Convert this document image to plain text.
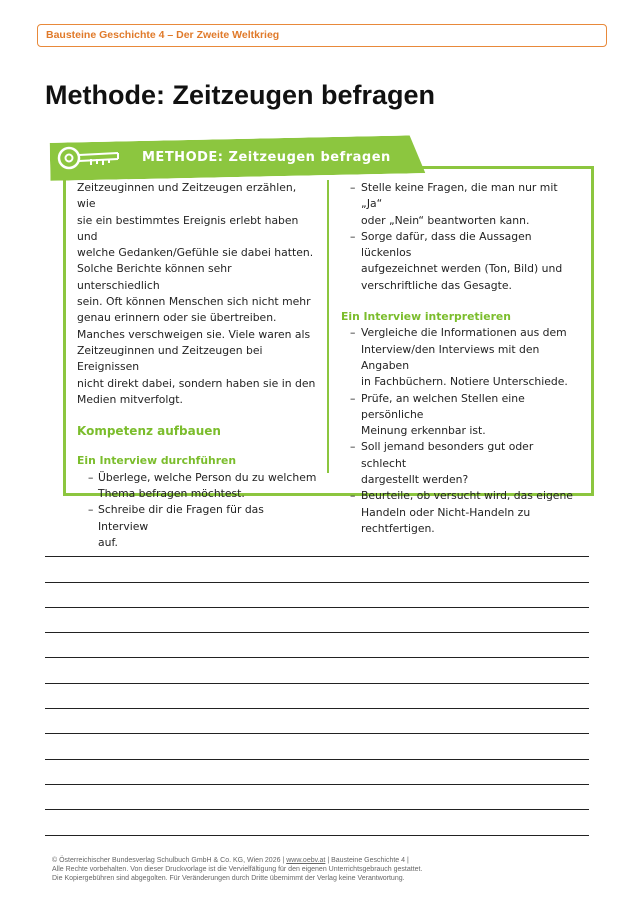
Bausteine Geschichte 4 – Der Zweite Weltkrieg
Methode: Zeitzeugen befragen
METHODE: Zeitzeugen befragen
Zeitzeuginnen und Zeitzeugen erzählen, wie
sie ein bestimmtes Ereignis erlebt haben und
welche Gedanken/Gefühle sie dabei hatten.
Solche Berichte können sehr unterschiedlich
sein. Oft können Menschen sich nicht mehr
genau erinnern oder sie übertreiben.
Manches verschweigen sie. Viele waren als
Zeitzeuginnen und Zeitzeugen bei Ereignissen
nicht direkt dabei, sondern haben sie in den
Medien mitverfolgt.
Kompetenz aufbauen
Ein Interview durchführen
– Überlege, welche Person du zu welchem
Thema befragen möchtest.
– Schreibe dir die Fragen für das Interview
auf.
– Stelle keine Fragen, die man nur mit „Ja“
oder „Nein“ beantworten kann.
– Sorge dafür, dass die Aussagen lückenlos
aufgezeichnet werden (Ton, Bild) und
verschriftliche das Gesagte.
Ein Interview interpretieren
– Vergleiche die Informationen aus dem
Interview/den Interviews mit den Angaben
in Fachbüchern. Notiere Unterschiede.
– Prüfe, an welchen Stellen eine persönliche
Meinung erkennbar ist.
– Soll jemand besonders gut oder schlecht
dargestellt werden?
– Beurteile, ob versucht wird, das eigene
Handeln oder Nicht-Handeln zu
rechtfertigen.
© Österreichischer Bundesverlag Schulbuch GmbH & Co. KG, Wien 2026 | www.oebv.at | Bausteine Geschichte 4 |
Alle Rechte vorbehalten. Von dieser Druckvorlage ist die Vervielfältigung für den eigenen Unterrichtsgebrauch gestattet.
Die Kopiergebühren sind abgegolten. Für Veränderungen durch Dritte übernimmt der Verlag keine Verantwortung.
